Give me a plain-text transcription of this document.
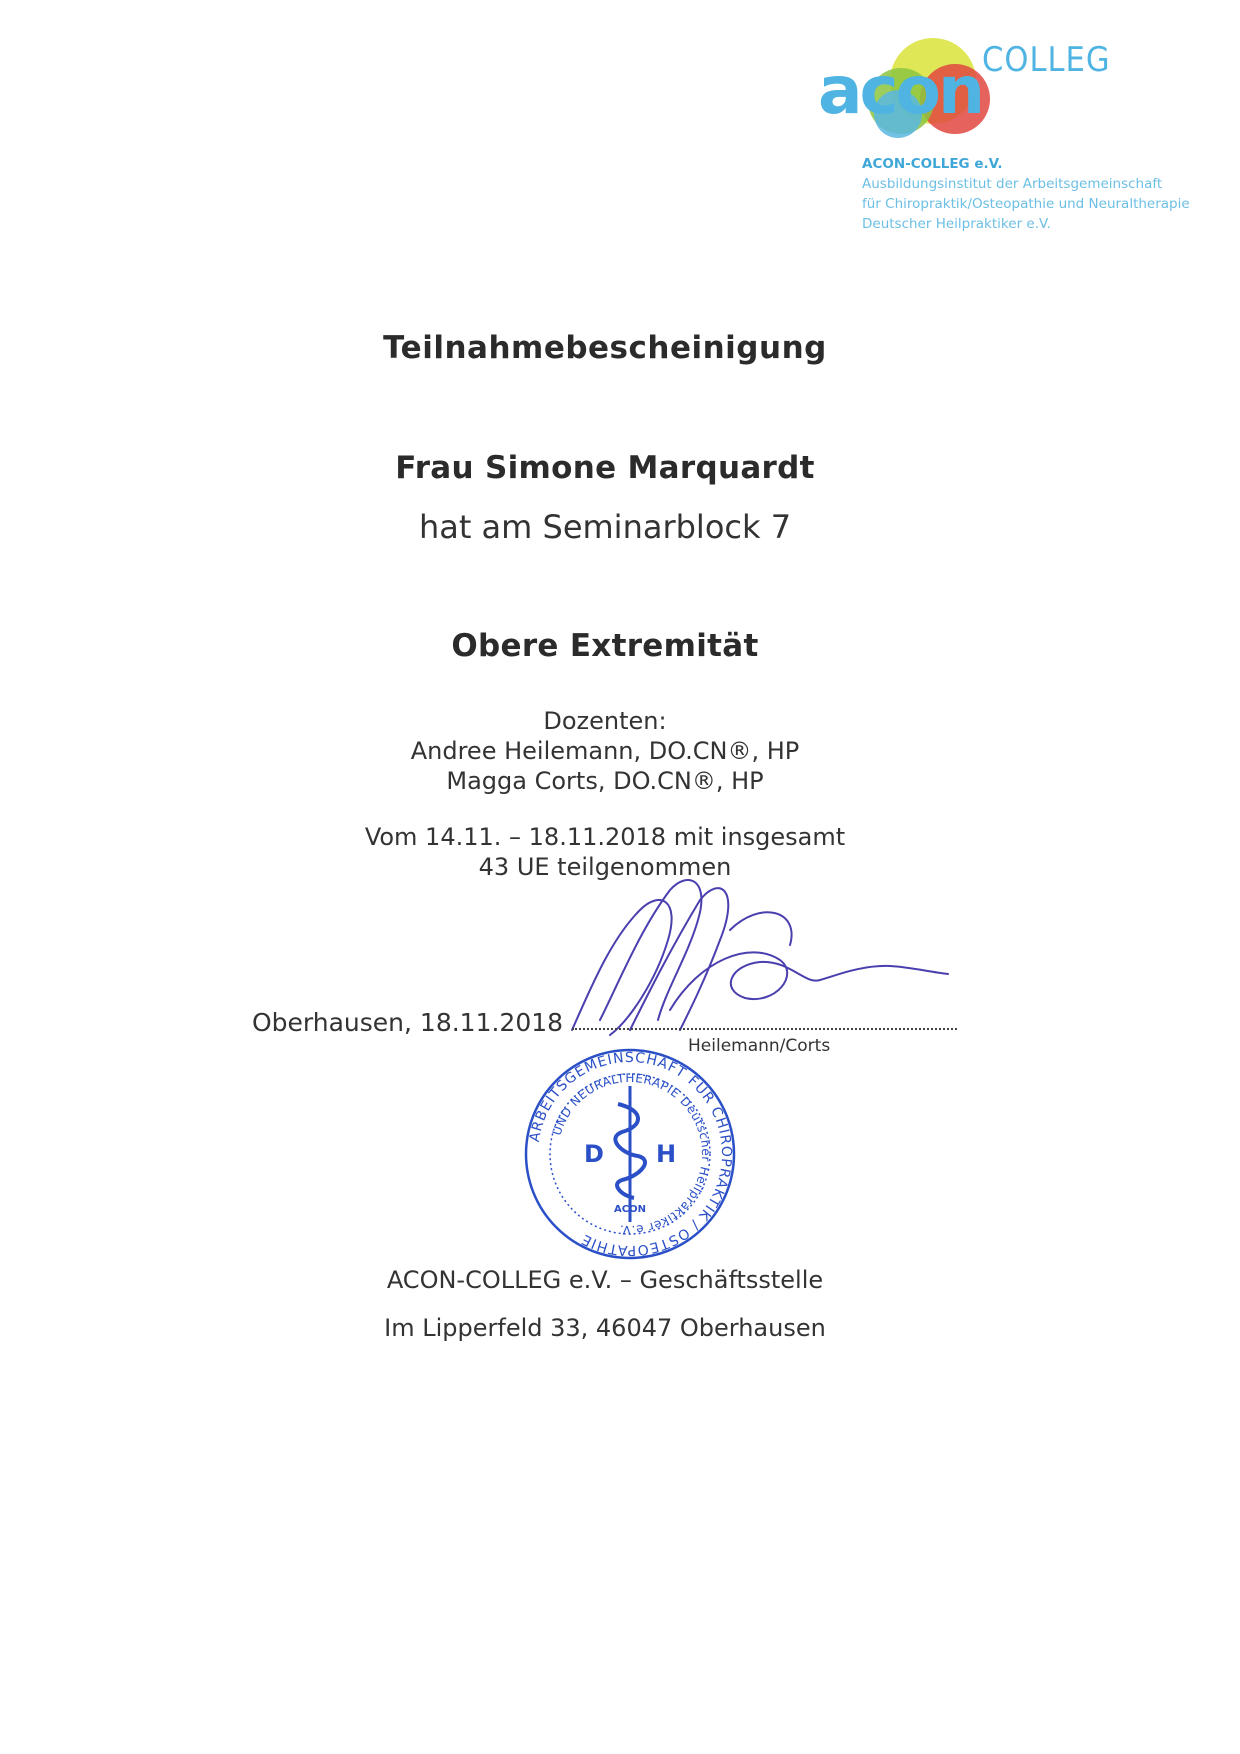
acon COLLEG
ACON-COLLEG e.V.
Ausbildungsinstitut der Arbeitsgemeinschaft
für Chiropraktik/Osteopathie und Neuraltherapie
Deutscher Heilpraktiker e.V.
Teilnahmebescheinigung
Frau Simone Marquardt
hat am Seminarblock 7
Obere Extremität
Dozenten:
Andree Heilemann, DO.CN®, HP
Magga Corts, DO.CN®, HP
Vom 14.11. – 18.11.2018 mit insgesamt
43 UE teilgenommen
Oberhausen, 18.11.2018
Heilemann/Corts
ARBEITSGEMEINSCHAFT FÜR CHIROPRAKTIK / OSTEOPATHIE
UND NEURALTHERAPIE Deutscher Heilpraktiker e.V.
D H
ACON
ACON-COLLEG e.V. – Geschäftsstelle
Im Lipperfeld 33, 46047 Oberhausen
